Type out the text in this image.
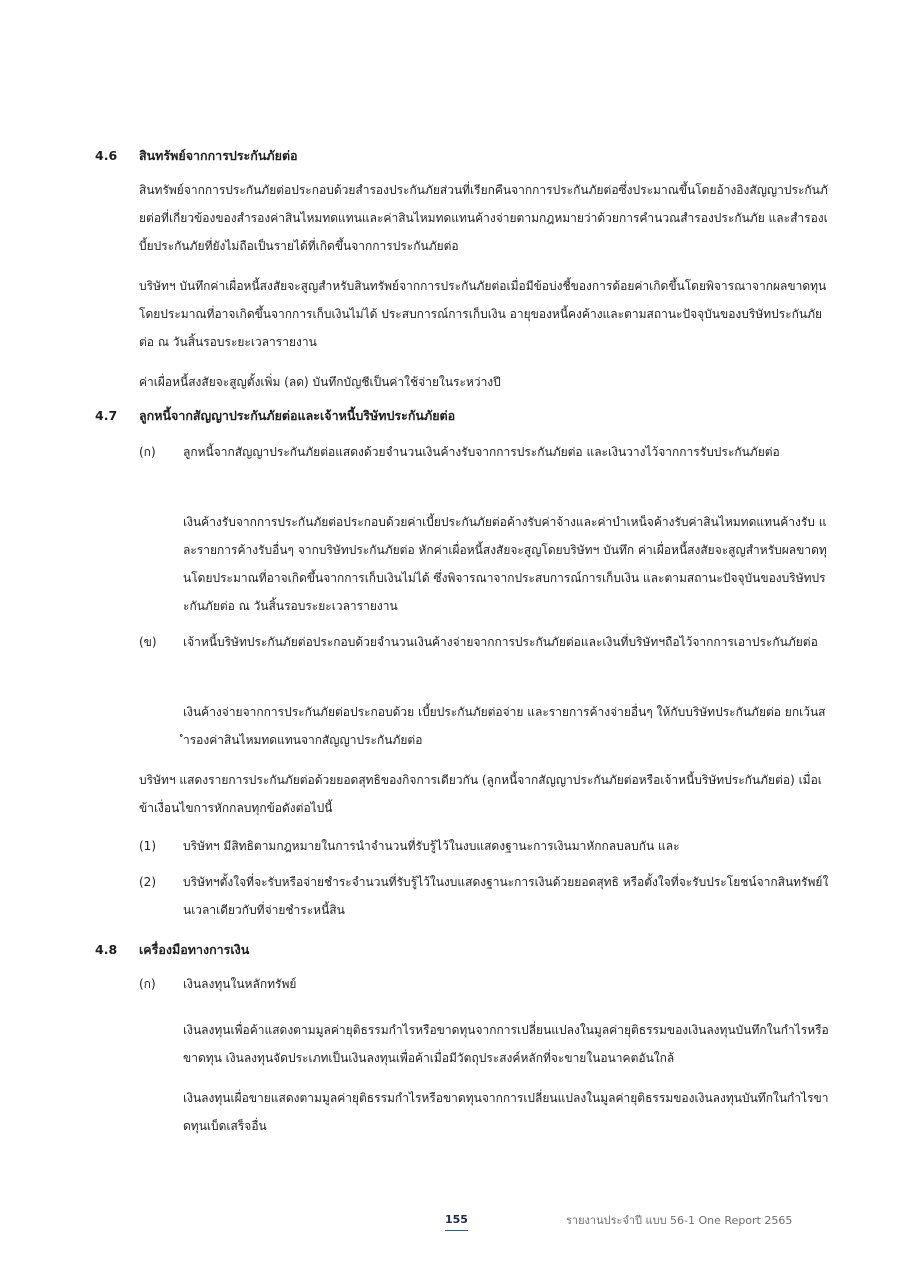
4.6 สินทรัพย์จากการประกันภัยต่อ

สินทรัพย์จากการประกันภัยต่อประกอบด้วยสำรองประกันภัยส่วนที่เรียกคืนจากการประกันภัยต่อซึ่งประมาณขึ้นโดยอ้างอิงสัญญาประกันภัยต่อที่เกี่ยวข้องของสำรองค่าสินไหมทดแทนและค่าสินไหมทดแทนค้างจ่ายตามกฎหมายว่าด้วยการคำนวณสำรองประกันภัย และสำรองเบี้ยประกันภัยที่ยังไม่ถือเป็นรายได้ที่เกิดขึ้นจากการประกันภัยต่อ

บริษัทฯ บันทึกค่าเผื่อหนี้สงสัยจะสูญสำหรับสินทรัพย์จากการประกันภัยต่อเมื่อมีข้อบ่งชี้ของการด้อยค่าเกิดขึ้นโดยพิจารณาจากผลขาดทุนโดยประมาณที่อาจเกิดขึ้นจากการเก็บเงินไม่ได้ ประสบการณ์การเก็บเงิน อายุของหนี้คงค้างและตามสถานะปัจจุบันของบริษัทประกันภัยต่อ ณ วันสิ้นรอบระยะเวลารายงาน

ค่าเผื่อหนี้สงสัยจะสูญตั้งเพิ่ม (ลด) บันทึกบัญชีเป็นค่าใช้จ่ายในระหว่างปี

4.7 ลูกหนี้จากสัญญาประกันภัยต่อและเจ้าหนี้บริษัทประกันภัยต่อ
(ก) ลูกหนี้จากสัญญาประกันภัยต่อแสดงด้วยจำนวนเงินค้างรับจากการประกันภัยต่อ และเงินวางไว้จากการรับประกันภัยต่อ

เงินค้างรับจากการประกันภัยต่อประกอบด้วยค่าเบี้ยประกันภัยต่อค้างรับค่าจ้างและค่าบำเหน็จค้างรับค่าสินไหมทดแทนค้างรับ และรายการค้างรับอื่นๆ จากบริษัทประกันภัยต่อ หักค่าเผื่อหนี้สงสัยจะสูญโดยบริษัทฯ บันทึก ค่าเผื่อหนี้สงสัยจะสูญสำหรับผลขาดทุนโดยประมาณที่อาจเกิดขึ้นจากการเก็บเงินไม่ได้ ซึ่งพิจารณาจากประสบการณ์การเก็บเงิน และตามสถานะปัจจุบันของบริษัทประกันภัยต่อ ณ วันสิ้นรอบระยะเวลารายงาน

(ข) เจ้าหนี้บริษัทประกันภัยต่อประกอบด้วยจำนวนเงินค้างจ่ายจากการประกันภัยต่อและเงินที่บริษัทฯถือไว้จากการเอาประกันภัยต่อ

เงินค้างจ่ายจากการประกันภัยต่อประกอบด้วย เบี้ยประกันภัยต่อจ่าย และรายการค้างจ่ายอื่นๆ ให้กับบริษัทประกันภัยต่อ ยกเว้นสำรองค่าสินไหมทดแทนจากสัญญาประกันภัยต่อ

บริษัทฯ แสดงรายการประกันภัยต่อด้วยยอดสุทธิของกิจการเดียวกัน (ลูกหนี้จากสัญญาประกันภัยต่อหรือเจ้าหนี้บริษัทประกันภัยต่อ) เมื่อเข้าเงื่อนไขการหักกลบทุกข้อดังต่อไปนี้

(1) บริษัทฯ มีสิทธิตามกฎหมายในการนำจำนวนที่รับรู้ไว้ในงบแสดงฐานะการเงินมาหักกลบลบกัน และ

(2) บริษัทฯตั้งใจที่จะรับหรือจ่ายชำระจำนวนที่รับรู้ไว้ในงบแสดงฐานะการเงินด้วยยอดสุทธิ หรือตั้งใจที่จะรับประโยชน์จากสินทรัพย์ในเวลาเดียวกับที่จ่ายชำระหนี้สิน

4.8 เครื่องมือทางการเงิน
(ก) เงินลงทุนในหลักทรัพย์

เงินลงทุนเพื่อค้าแสดงตามมูลค่ายุติธรรมกำไรหรือขาดทุนจากการเปลี่ยนแปลงในมูลค่ายุติธรรมของเงินลงทุนบันทึกในกำไรหรือขาดทุน เงินลงทุนจัดประเภทเป็นเงินลงทุนเพื่อค้าเมื่อมีวัตถุประสงค์หลักที่จะขายในอนาคตอันใกล้

เงินลงทุนเผื่อขายแสดงตามมูลค่ายุติธรรมกำไรหรือขาดทุนจากการเปลี่ยนแปลงในมูลค่ายุติธรรมของเงินลงทุนบันทึกในกำไรขาดทุนเบ็ดเสร็จอื่น

155	รายงานประจำปี แบบ 56-1 One Report 2565
